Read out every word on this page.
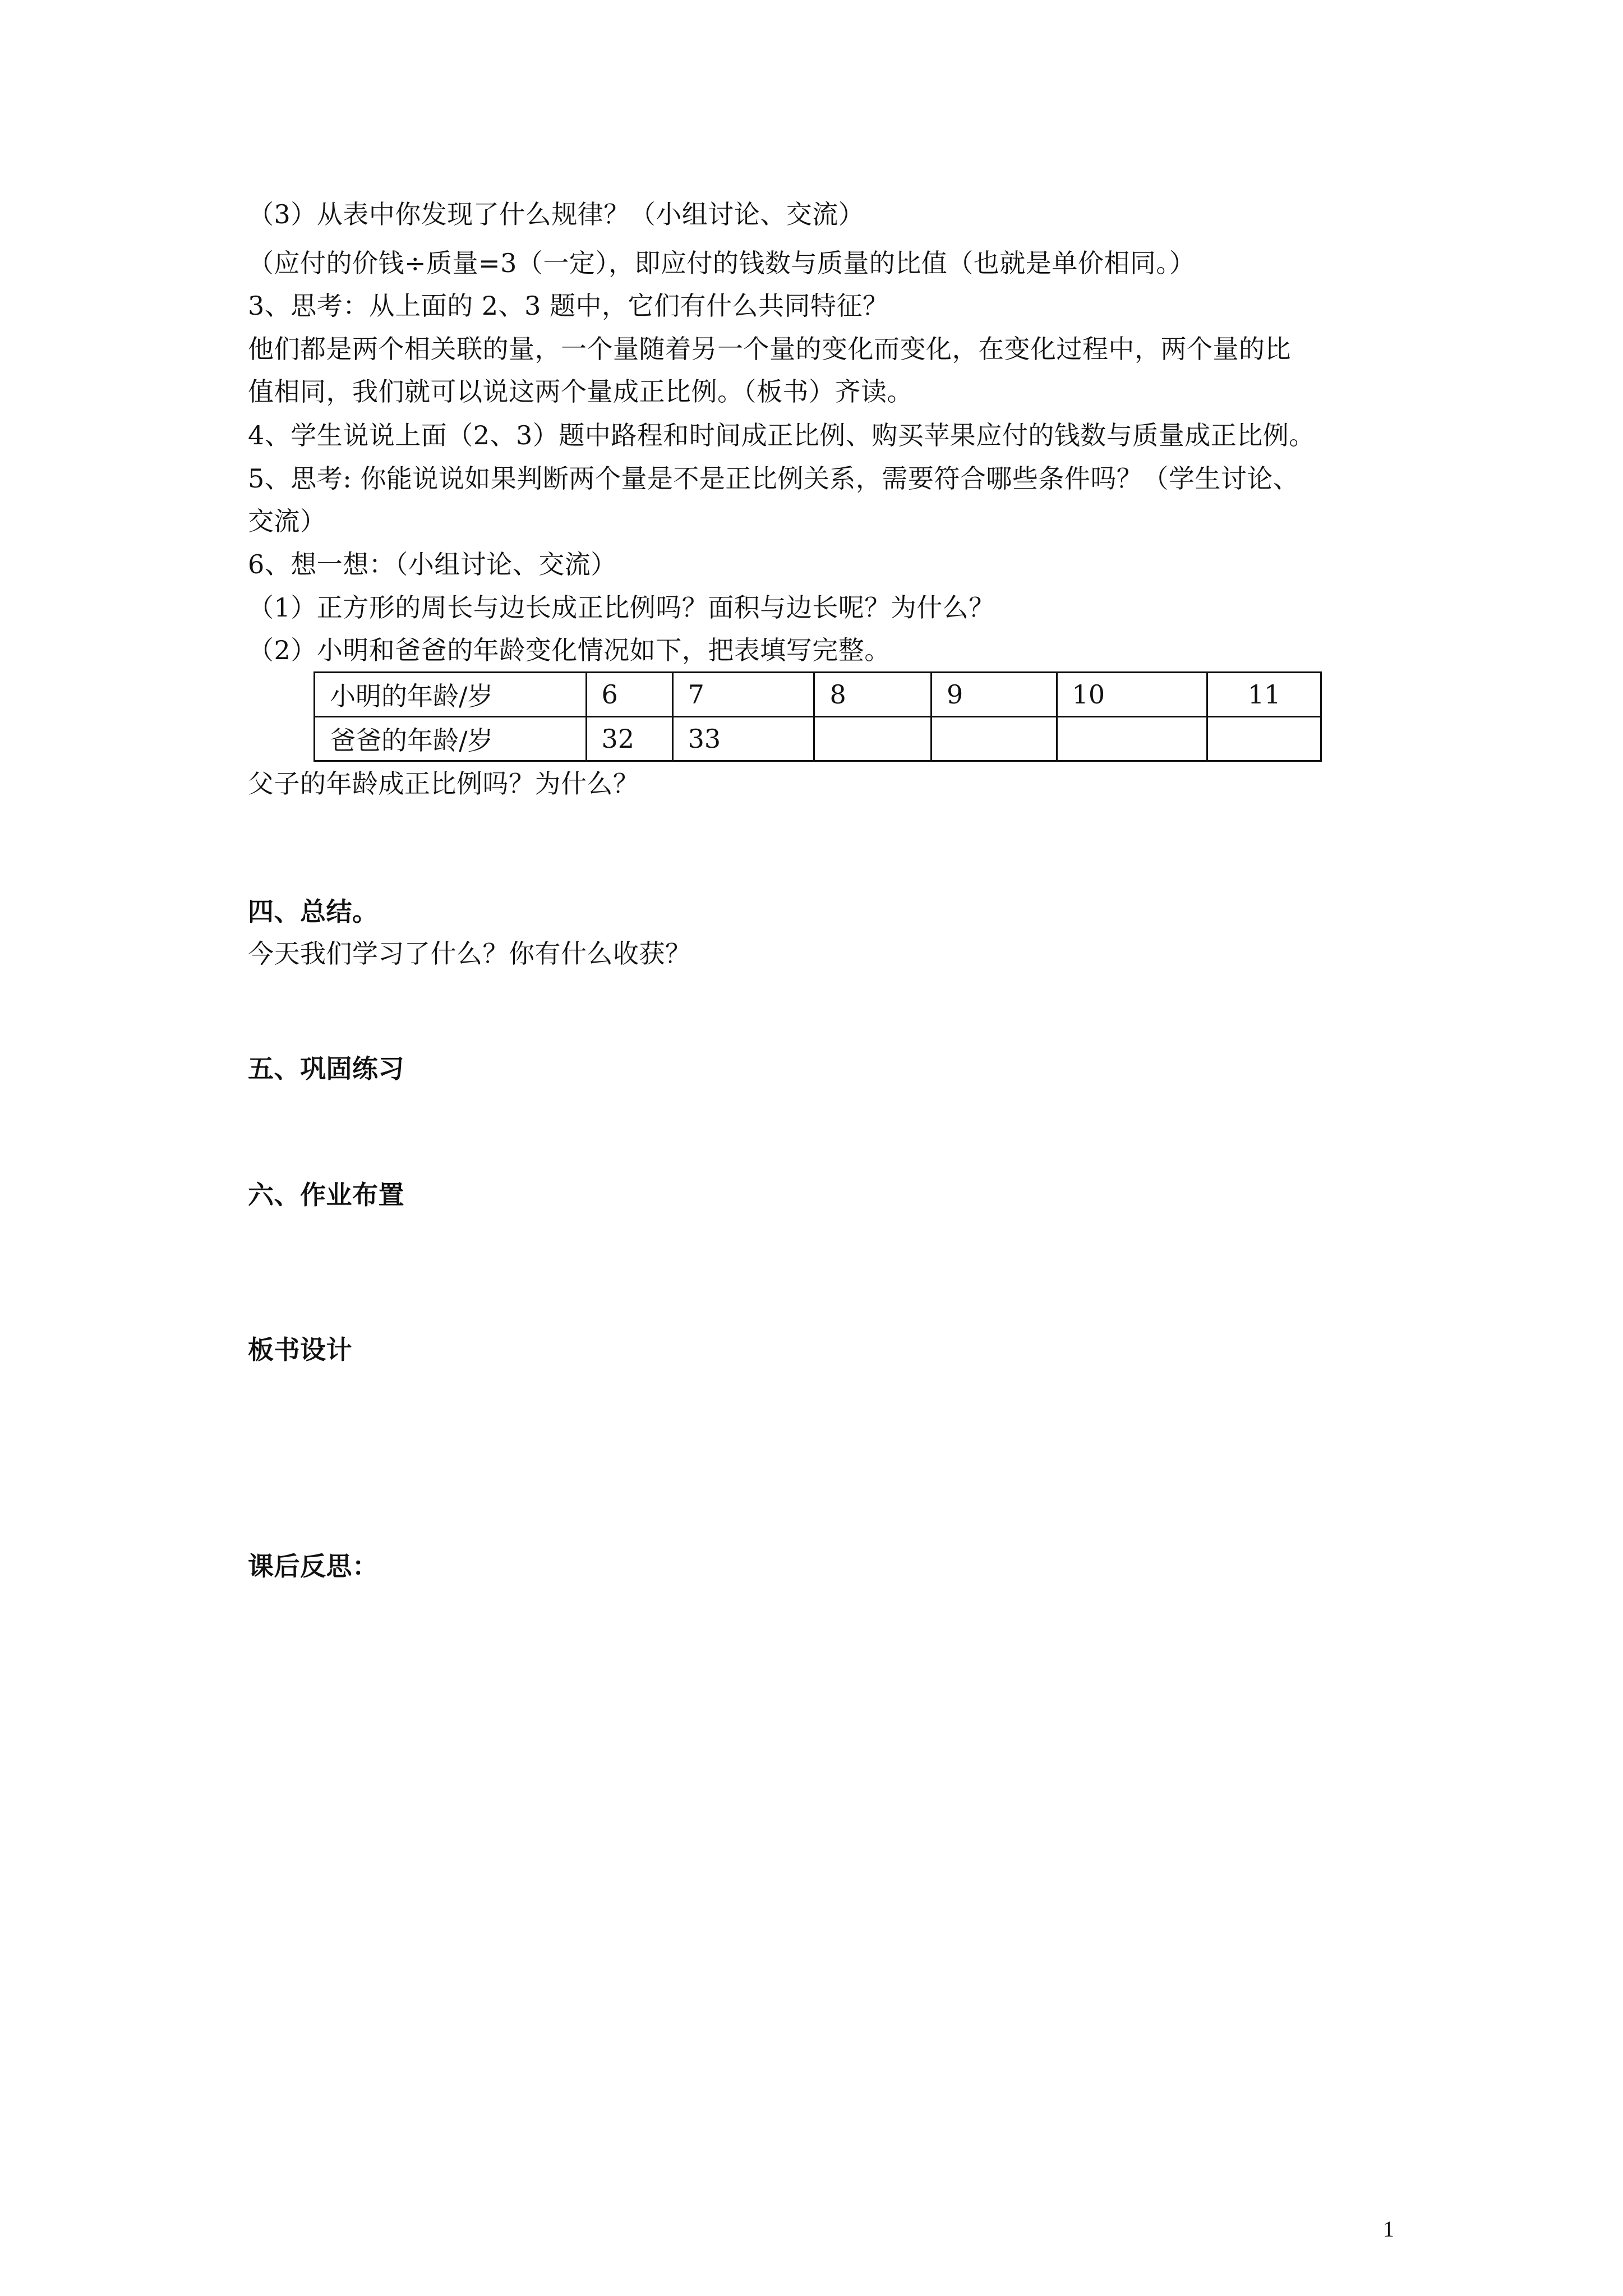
（3）从表中你发现了什么规律？（小组讨论、交流）
（应付的价钱÷质量=3（一定），即应付的钱数与质量的比值（也就是单价相同。）
3、思考：从上面的 2、3 题中，它们有什么共同特征？
他们都是两个相关联的量，一个量随着另一个量的变化而变化，在变化过程中，两个量的比
值相同，我们就可以说这两个量成正比例。（板书）齐读。
4、学生说说上面（2、3）题中路程和时间成正比例、购买苹果应付的钱数与质量成正比例。
5、思考: 你能说说如果判断两个量是不是正比例关系，需要符合哪些条件吗？（学生讨论、
交流）
6、想一想：（小组讨论、交流）
（1）正方形的周长与边长成正比例吗？面积与边长呢？为什么？
（2）小明和爸爸的年龄变化情况如下，把表填写完整。
小明的年龄/岁	6	7	8	9	10	11
爸爸的年龄/岁	32	33				
父子的年龄成正比例吗？为什么？
四、总结。
今天我们学习了什么？你有什么收获？
五、巩固练习
六、作业布置
板书设计
课后反思：
1
